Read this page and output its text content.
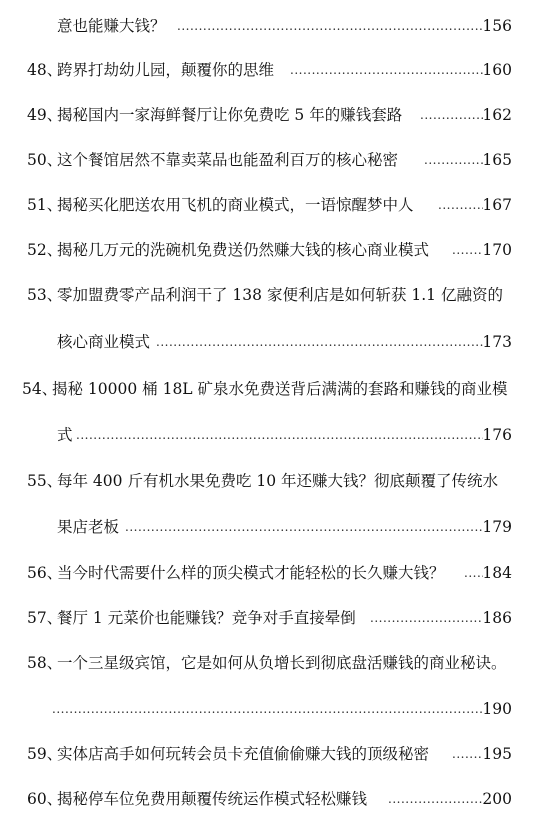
意也能赚大钱？ .....	156
48、
跨界打劫幼儿园，颠覆你的思维 .....	160
49、
揭秘国内一家海鲜餐厅让你免费吃 5 年的赚钱套路 .....	162
50、
这个餐馆居然不靠卖菜品也能盈利百万的核心秘密 .....	165
51、
揭秘买化肥送农用飞机的商业模式，一语惊醒梦中人 .....	167
52、
揭秘几万元的洗碗机免费送仍然赚大钱的核心商业模式 .....	170
53、
零加盟费零产品利润干了 138 家便利店是如何斩获 1.1 亿融资的
核心商业模式 .....	173
54、
揭秘 10000 桶 18L 矿泉水免费送背后满满的套路和赚钱的商业模
式 .....	176
55、
每年 400 斤有机水果免费吃 10 年还赚大钱？彻底颠覆了传统水
果店老板 .....	179
56、
当今时代需要什么样的顶尖模式才能轻松的长久赚大钱？ ..... 184
57、
餐厅 1 元菜价也能赚钱？竞争对手直接晕倒 .....	186
58、
一个三星级宾馆，它是如何从负增长到彻底盘活赚钱的商业秘诀。
.....
190
59、
实体店高手如何玩转会员卡充值偷偷赚大钱的顶级秘密 .....	195
60、
揭秘停车位免费用颠覆传统运作模式轻松赚钱 .....	200
